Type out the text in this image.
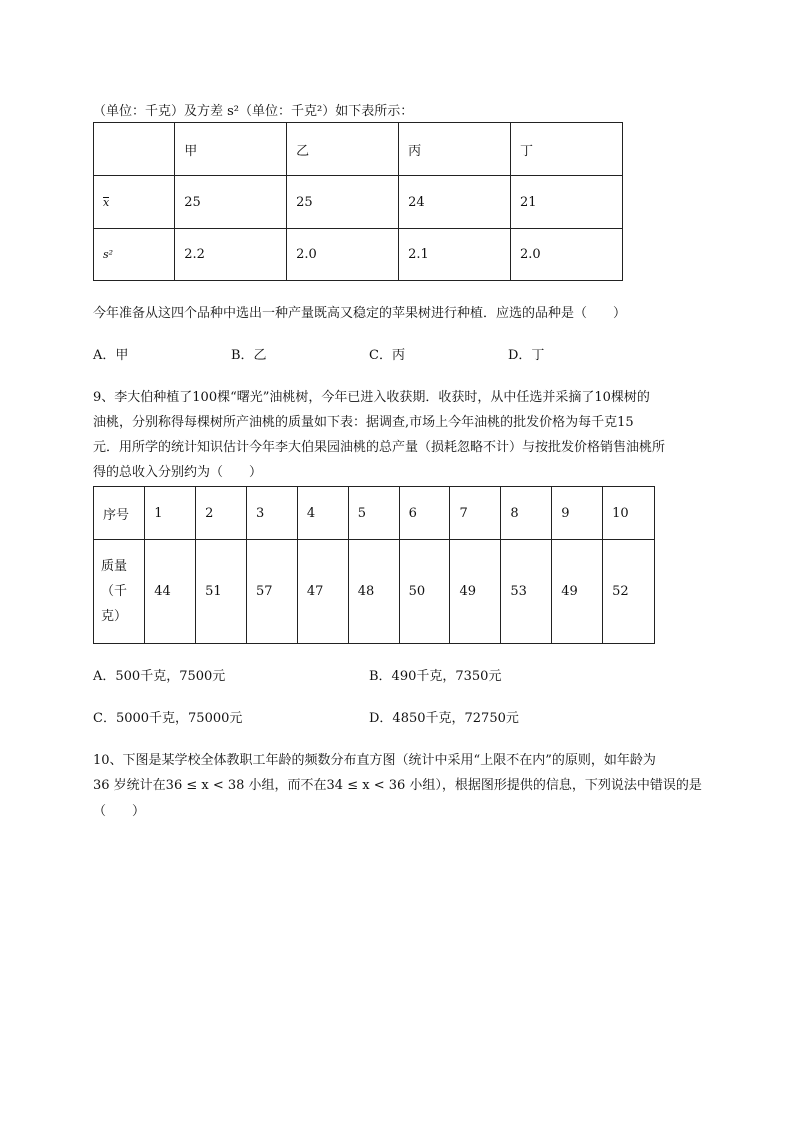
（单位：千克）及方差 s²（单位：千克²）如下表所示：
	甲	乙	丙	丁
x	25	25	24	21
s²	2.2	2.0	2.1	2.0
今年准备从这四个品种中选出一种产量既高又稳定的苹果树进行种植．应选的品种是（　　）
A．甲	B．乙	C．丙	D．丁
9、李大伯种植了100棵“曙光”油桃树，今年已进入收获期．收获时，从中任选并采摘了10棵树的
油桃，分别称得每棵树所产油桃的质量如下表：据调查,市场上今年油桃的批发价格为每千克15
元．用所学的统计知识估计今年李大伯果园油桃的总产量（损耗忽略不计）与按批发价格销售油桃所
得的总收入分别约为（　　）
序号	1	2	3	4	5	6	7	8	9	10

质量
（千
克）	44	51	57	47	48	50	49	53	49	52
A．500千克，7500元	B．490千克，7350元
C．5000千克，75000元	D．4850千克，72750元
10、下图是某学校全体教职工年龄的频数分布直方图（统计中采用“上限不在内”的原则，如年龄为
36 岁统计在36 ≤ x < 38 小组，而不在34 ≤ x < 36 小组），根据图形提供的信息，下列说法中错误的是
（　　）
